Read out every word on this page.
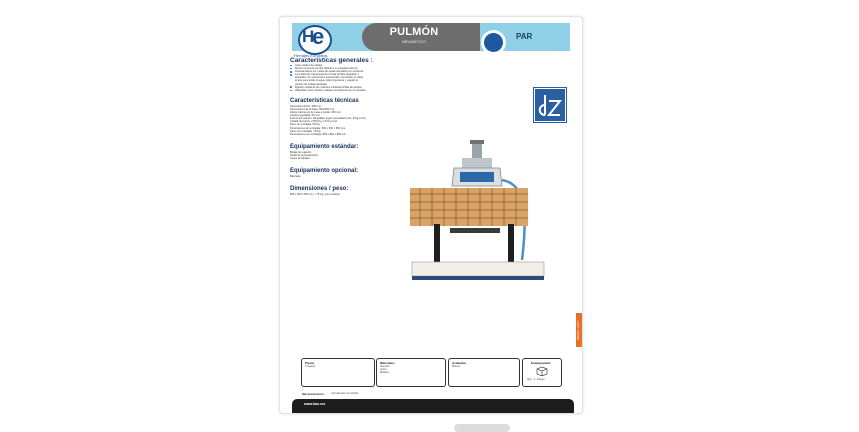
H
e
Herrajes Europeos
PULMÓN
NEUMÁTICO
PAR

Características generales :

Gran rapidez de trabajo.

Mínimo consumo de aire debido a su pequeña carrera.

Accionamiento por medio de pedal neumático con protector.

La unidad de mantenimiento consta de filtro regulador y

lubricador con manómetro incorporado. La función es tratar

el aire para evitar el agua, otras impurezas y regular la

presión de trabajo deseada.

Fijación rápida de las matrices mediante bridas de apriete.

Adaptable a las matrices usadas normalmente en el mercado.

Características técnicas

Altura del pulmón: 485 mm.

Dimensiones de la base: 500x300 mm.

Altura máxima de la mesa a medio: 260 mm.

Carrera regulable: 60 mm.

Fuerza del pulmón: Regulable según necesidad (máx. 8 Kg./cm2).

Unidad de fuerza: 2.500 Kg. a 8 Kg./cm2.

Peso sin embalaje: 59 Kg.

Dimensiones sin embalaje: 500 x 350 x 800 mm.

Peso con embalaje: 75 Kg.

Dimensiones con embalaje: 850 x 820 x 800 mm.

Equipamiento estándar:

Bridas de sujeción.

Pedal de accionamiento.

Grupo de filtrajes.

Equipamiento opcional:

Bancada

Dimensiones / peso:

850 x 820 x 800 mm. / 75 Kg. (con mueble)

MAQUI - 2017
Piezas
1 Cuerpo
Materiales
Aluminio
Acero
Plástico
Acabados
Pintura
Empaquetado
Qty.: 1 Juego
Observaciones:	normalmente no incluido
www.hau.mx
